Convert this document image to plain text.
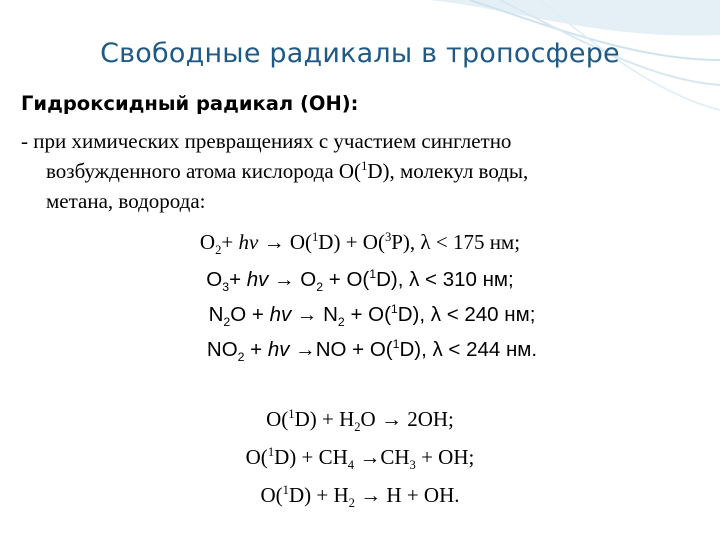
Свободные радикалы в тропосфере
Гидроксидный радикал (ОН):
- при химических превращениях с участием синглетно
возбужденного атома кислорода O($^1$D), молекул воды,
метана, водорода:
$O_2+ h\nu \to O(^1D) + O(^3P)$, λ < 175 нм;
$O_3+$ hv → $O_2 + O(^1D)$, λ < 310 нм;
$N_2O$ + hv → $N_2 + O(^1D)$, λ < 240 нм;
$NO_2$ + hv →NO + O($^1$D), λ < 244 нм.
$O(^1D) + H_2O \to 2OH$;
$O(^1D) + CH_4 \to CH_3$ + OH;
$O(^1D) + H_2 \to H$ + OH.
